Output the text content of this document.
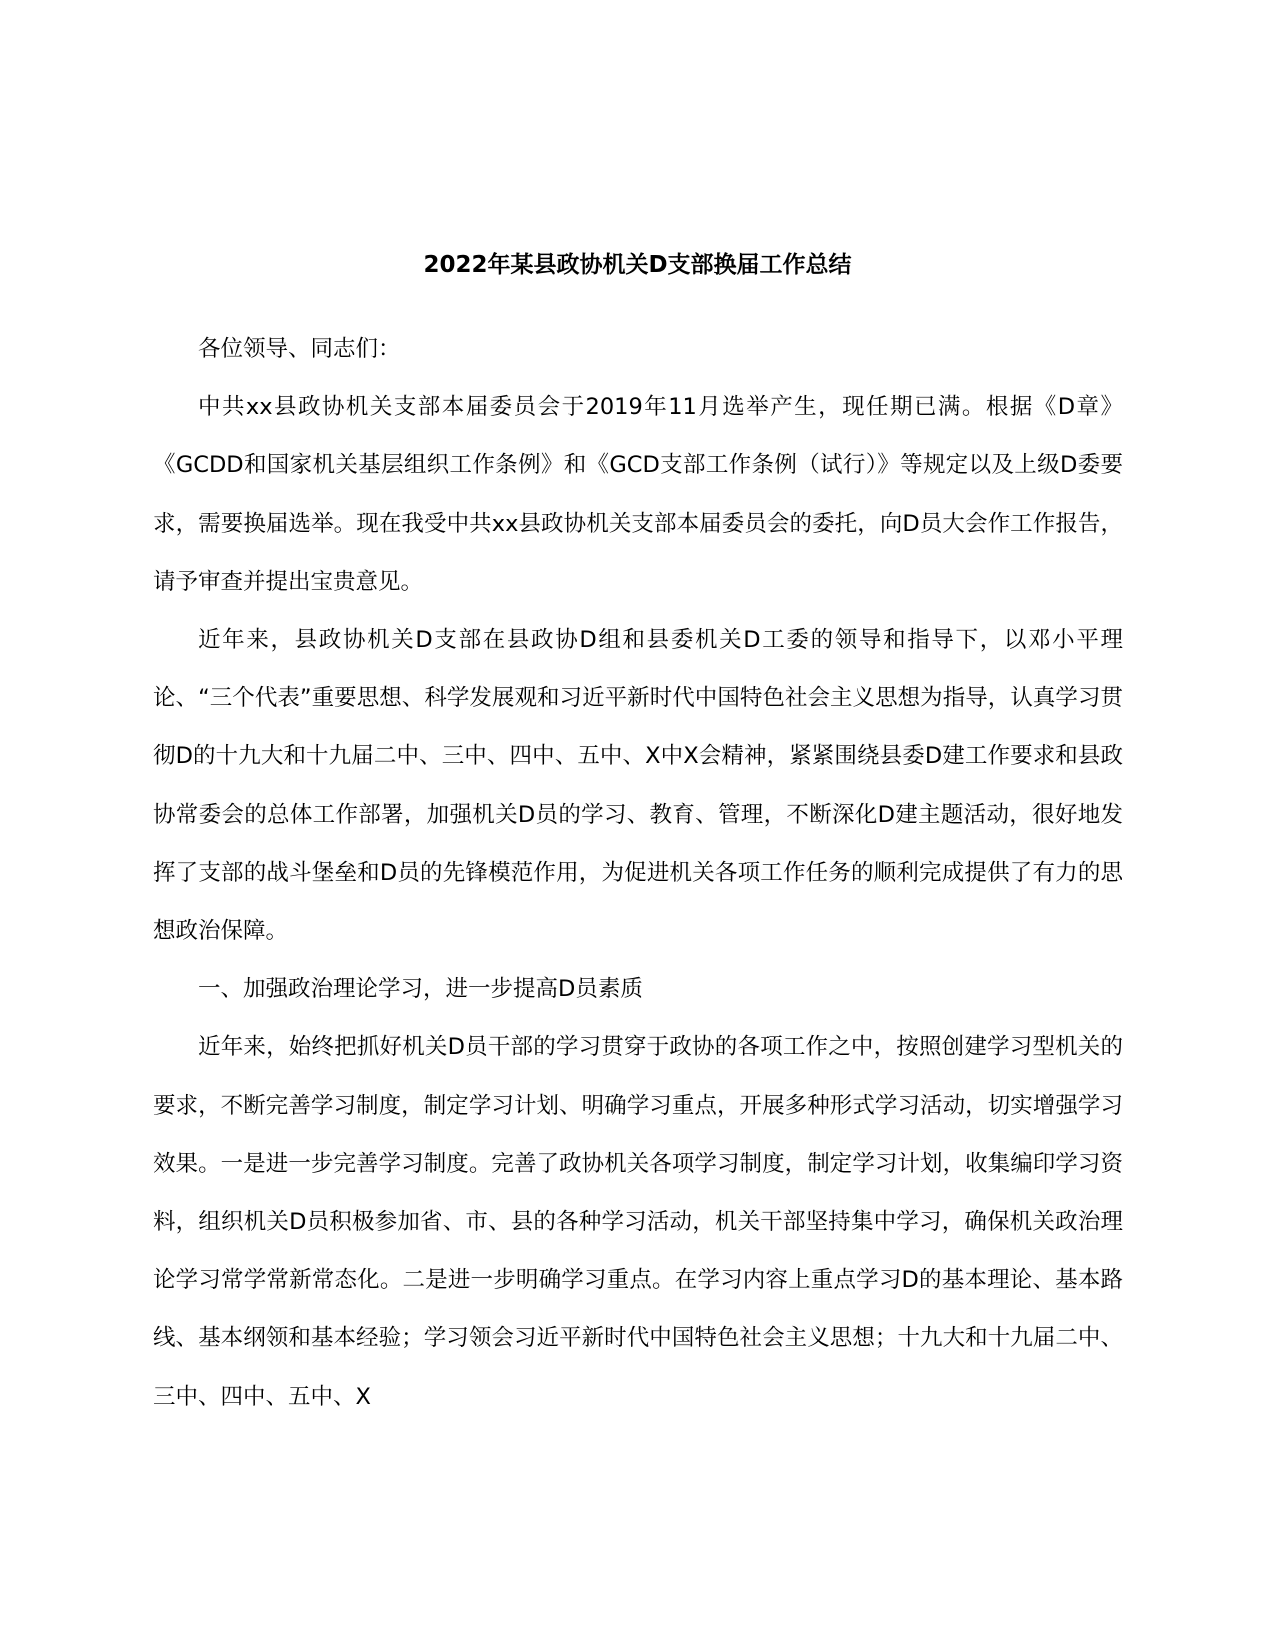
2022年某县政协机关D支部换届工作总结

各位领导、同志们：

中共xx县政协机关支部本届委员会于2019年11月选举产生，现任期已满。根据《D章》《GCDD和国家机关基层组织工作条例》和《GCD支部工作条例（试行）》等规定以及上级D委要求，需要换届选举。现在我受中共xx县政协机关支部本届委员会的委托，向D员大会作工作报告，请予审查并提出宝贵意见。

近年来，县政协机关D支部在县政协D组和县委机关D工委的领导和指导下，以邓小平理论、“三个代表”重要思想、科学发展观和习近平新时代中国特色社会主义思想为指导，认真学习贯彻D的十九大和十九届二中、三中、四中、五中、X中X会精神，紧紧围绕县委D建工作要求和县政协常委会的总体工作部署，加强机关D员的学习、教育、管理，不断深化D建主题活动，很好地发挥了支部的战斗堡垒和D员的先锋模范作用，为促进机关各项工作任务的顺利完成提供了有力的思想政治保障。

一、加强政治理论学习，进一步提高D员素质

近年来，始终把抓好机关D员干部的学习贯穿于政协的各项工作之中，按照创建学习型机关的要求，不断完善学习制度，制定学习计划、明确学习重点，开展多种形式学习活动，切实增强学习效果。一是进一步完善学习制度。完善了政协机关各项学习制度，制定学习计划，收集编印学习资料，组织机关D员积极参加省、市、县的各种学习活动，机关干部坚持集中学习，确保机关政治理论学习常学常新常态化。二是进一步明确学习重点。在学习内容上重点学习D的基本理论、基本路线、基本纲领和基本经验；学习领会习近平新时代中国特色社会主义思想；十九大和十九届二中、三中、四中、五中、X
